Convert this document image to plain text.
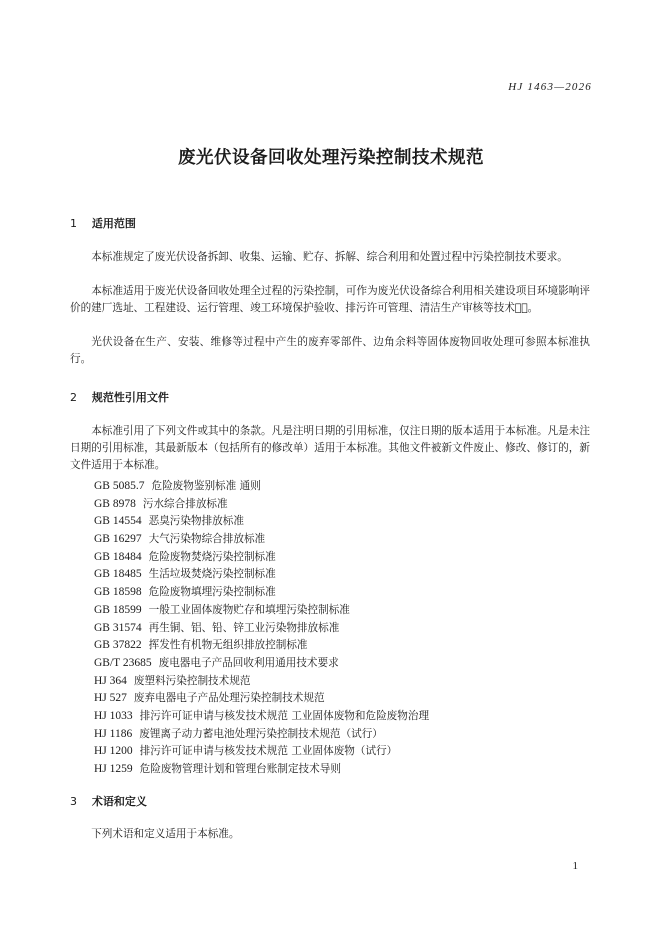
HJ 1463—2026
废光伏设备回收处理污染控制技术规范
1 适用范围

本标准规定了废光伏设备拆卸、收集、运输、贮存、拆解、综合利用和处置过程中污染控制技术要求。

本标准适用于废光伏设备回收处理全过程的污染控制，可作为废光伏设备综合利用相关建设项目环境影响评价的建厂选址、工程建设、运行管理、竣工环境保护验收、排污许可管理、清洁生产审核等技术  。

光伏设备在生产、安装、维修等过程中产生的废弃零部件、边角余料等固体废物回收处理可参照本标准执行。

2 规范性引用文件

本标准引用了下列文件或其中的条款。凡是注明日期的引用标准，仅注日期的版本适用于本标准。凡是未注日期的引用标准，其最新版本（包括所有的修改单）适用于本标准。其他文件被新文件废止、修改、修订的，新文件适用于本标准。

GB 5085.7 危险废物鉴别标准 通则
GB 8978 污水综合排放标准
GB 14554 恶臭污染物排放标准
GB 16297 大气污染物综合排放标准
GB 18484 危险废物焚烧污染控制标准
GB 18485 生活垃圾焚烧污染控制标准
GB 18598 危险废物填埋污染控制标准
GB 18599 一般工业固体废物贮存和填埋污染控制标准
GB 31574 再生铜、铝、铅、锌工业污染物排放标准
GB 37822 挥发性有机物无组织排放控制标准
GB/T 23685 废电器电子产品回收利用通用技术要求
HJ 364 废塑料污染控制技术规范
HJ 527 废弃电器电子产品处理污染控制技术规范
HJ 1033 排污许可证申请与核发技术规范 工业固体废物和危险废物治理
HJ 1186 废锂离子动力蓄电池处理污染控制技术规范（试行）
HJ 1200 排污许可证申请与核发技术规范 工业固体废物（试行）
HJ 1259 危险废物管理计划和管理台账制定技术导则
3 术语和定义

下列术语和定义适用于本标准。

1
